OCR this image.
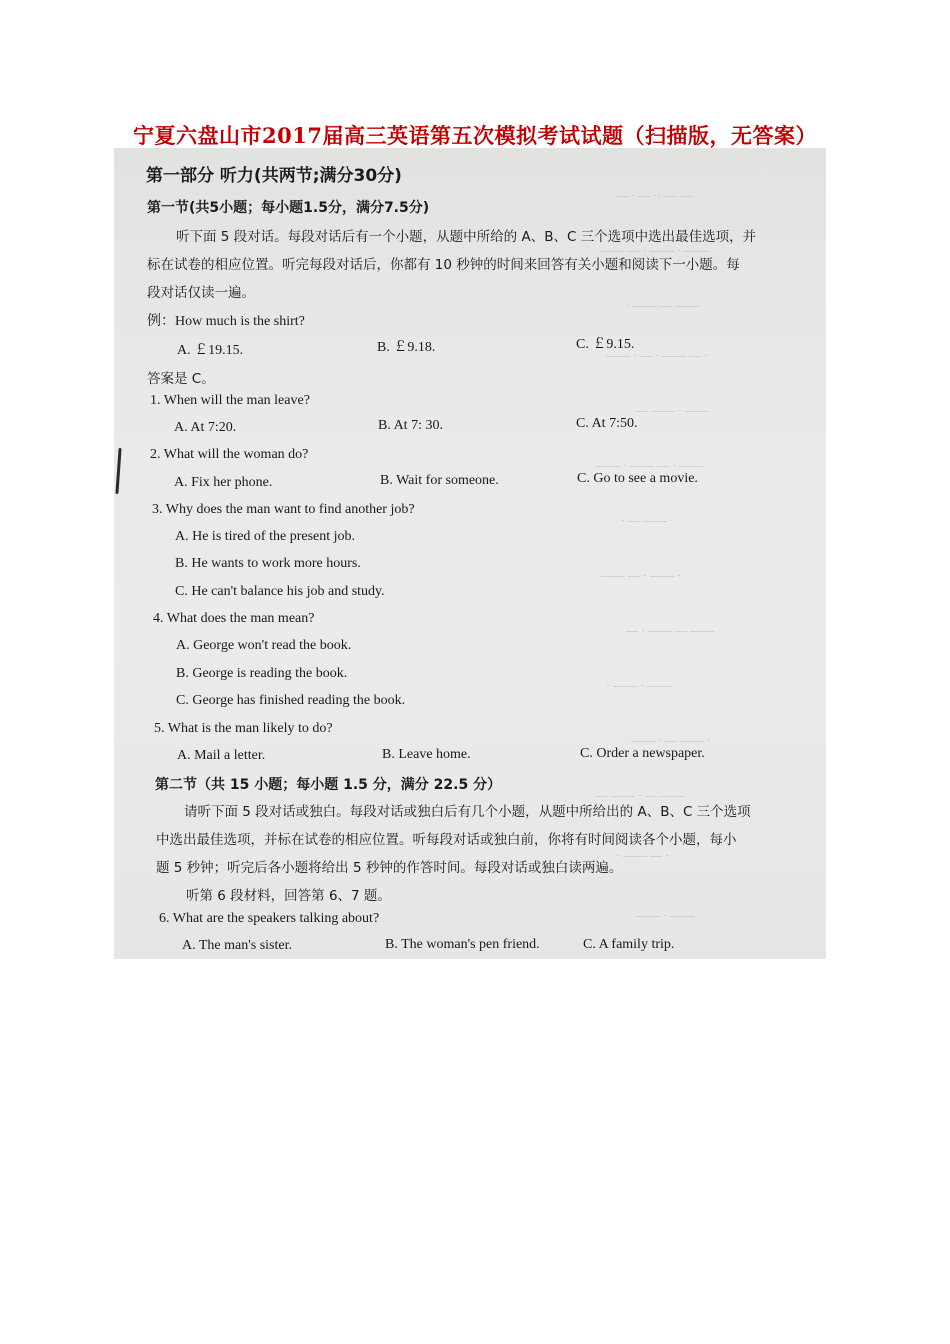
宁夏六盘山市2017届高三英语第五次模拟考试试题（扫描版，无答案）
— · — ·· — —
—— — · —— · ——
· —— — ——
—— · — · —— — ·
— —— · ——
—— · —— — · ——
· — —— ·
—— — · —— ·
— · —— — ——
· —— · ——
—— · — —— ·
— —— · — ——
· —— — ·
—— · ——
第一部分 听力(共两节;满分30分)
第一节(共5小题；每小题1.5分，满分7.5分)
听下面 5 段对话。每段对话后有一个小题，从题中所给的 A、B、C 三个选项中选出最佳选项，并
标在试卷的相应位置。听完每段对话后，你都有 10 秒钟的时间来回答有关小题和阅读下一小题。每
段对话仅读一遍。
例：How much is the shirt?
A. ￡19.15.	B. ￡9.18.	C. ￡9.15.
答案是 C。
1. When will the man leave?
A. At 7:20.	B. At 7: 30.	C. At 7:50.
2. What will the woman do?
A. Fix her phone.	B. Wait for someone.	C. Go to see a movie.
3. Why does the man want to find another job?
A. He is tired of the present job.
B. He wants to work more hours.
C. He can't balance his job and study.
4. What does the man mean?
A. George won't read the book.
B. George is reading the book.
C. George has finished reading the book.
5. What is the man likely to do?
A. Mail a letter.	B. Leave home.	C. Order a newspaper.
第二节（共 15 小题；每小题 1.5 分，满分 22.5 分）
请听下面 5 段对话或独白。每段对话或独白后有几个小题，从题中所给出的 A、B、C 三个选项
中选出最佳选项，并标在试卷的相应位置。听每段对话或独白前，你将有时间阅读各个小题，每小
题 5 秒钟；听完后各小题将给出 5 秒钟的作答时间。每段对话或独白读两遍。
听第 6 段材料，回答第 6、7 题。
6. What are the speakers talking about?
A. The man's sister.	B. The woman's pen friend.	C. A family trip.
